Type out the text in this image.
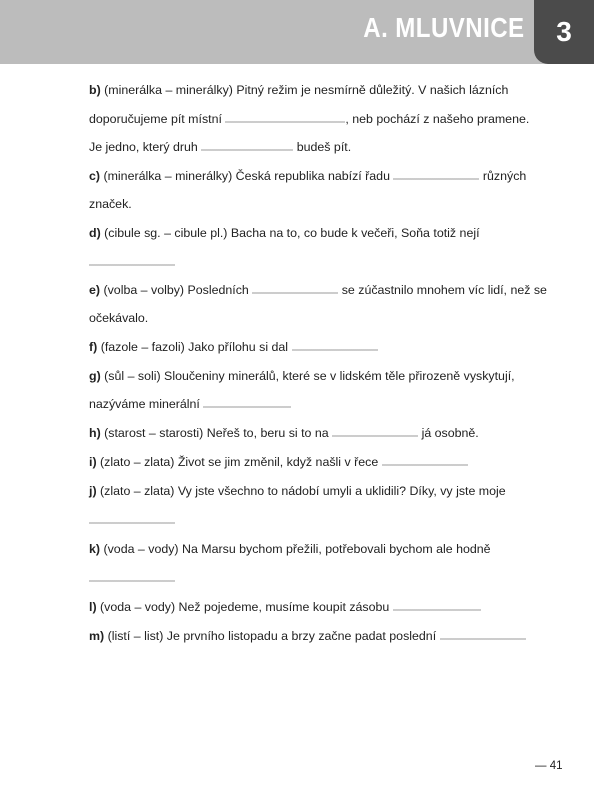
A. MLUVNICE	3
b) (minerálka – minerálky) Pitný režim je nesmírně důležitý. V našich lázních
doporučujeme pít místní	, neb pochází z našeho pramene.
Je jedno, který druh	budeš pít.
c) (minerálka – minerálky) Česká republika nabízí řadu	různých
značek.
d) (cibule sg. – cibule pl.) Bacha na to, co bude k večeři, Soňa totiž nejí
e) (volba – volby) Posledních	se zúčastnilo mnohem víc lidí, než se
očekávalo.
f) (fazole – fazoli) Jako přílohu si dal
g) (sůl – soli) Sloučeniny minerálů, které se v lidském těle přirozeně vyskytují,
nazýváme minerální
h) (starost – starosti) Neřeš to, beru si to na	já osobně.
i) (zlato – zlata) Život se jim změnil, když našli v řece
j) (zlato – zlata) Vy jste všechno to nádobí umyli a uklidili? Díky, vy jste moje
k) (voda – vody) Na Marsu bychom přežili, potřebovali bychom ale hodně
l) (voda – vody) Než pojedeme, musíme koupit zásobu
m) (listí – list) Je prvního listopadu a brzy začne padat poslední
— 41
